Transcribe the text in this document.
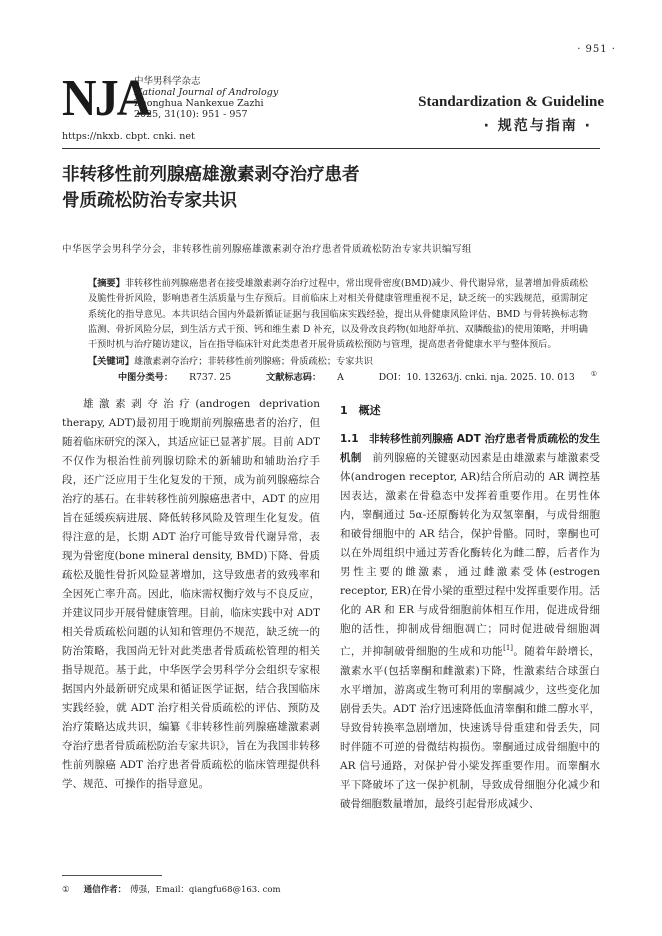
· 951 ·
NJA
中华男科学杂志
National Journal of Andrology
Zhonghua Nankexue Zazhi
2025, 31(10): 951 - 957
https://nkxb. cbpt. cnki. net
Standardization & Guideline
· 规范与指南 ·
非转移性前列腺癌雄激素剥夺治疗患者
骨质疏松防治专家共识
中华医学会男科学分会，非转移性前列腺癌雄激素剥夺治疗患者骨质疏松防治专家共识编写组
【摘要】非转移性前列腺癌患者在接受雄激素剥夺治疗过程中，常出现骨密度(BMD)减少、骨代谢异常，显著增加骨质疏松及脆性骨折风险，影响患者生活质量与生存预后。目前临床上对相关骨健康管理重视不足，缺乏统一的实践规范，亟需制定系统化的指导意见。本共识结合国内外最新循证证据与我国临床实践经验，提出从骨健康风险评估、BMD 与骨转换标志物监测、骨折风险分层，到生活方式干预、钙和维生素 D 补充，以及骨改良药物(如地舒单抗、双膦酸盐)的使用策略，并明确干预时机与治疗随访建议，旨在指导临床针对此类患者开展骨质疏松预防与管理，提高患者骨健康水平与整体预后。
【关键词】雄激素剥夺治疗；非转移性前列腺癌；骨质疏松；专家共识
中图分类号： R737. 25	文献标志码： A	DOI：10. 13263/j. cnki. nja. 2025. 10. 013 ①
雄激素剥夺治疗(androgen deprivation therapy, ADT)最初用于晚期前列腺癌患者的治疗，但随着临床研究的深入，其适应证已显著扩展。目前 ADT 不仅作为根治性前列腺切除术的新辅助和辅助治疗手段，还广泛应用于生化复发的干预，成为前列腺癌综合治疗的基石。在非转移性前列腺癌患者中，ADT 的应用旨在延缓疾病进展、降低转移风险及管理生化复发。值得注意的是，长期 ADT 治疗可能导致骨代谢异常，表现为骨密度(bone mineral density, BMD)下降、骨质疏松及脆性骨折风险显著增加，这导致患者的致残率和全因死亡率升高。因此，临床需权衡疗效与不良反应，并建议同步开展骨健康管理。目前，临床实践中对 ADT 相关骨质疏松问题的认知和管理仍不规范，缺乏统一的防治策略，我国尚无针对此类患者骨质疏松管理的相关指导规范。基于此，中华医学会男科学分会组织专家根据国内外最新研究成果和循证医学证据，结合我国临床实践经验，就 ADT 治疗相关骨质疏松的评估、预防及治疗策略达成共识，编纂《非转移性前列腺癌雄激素剥夺治疗患者骨质疏松防治专家共识》，旨在为我国非转移性前列腺癌 ADT 治疗患者骨质疏松的临床管理提供科学、规范、可操作的指导意见。
1　概述
1.1　非转移性前列腺癌 ADT 治疗患者骨质疏松的发生机制　前列腺癌的关键驱动因素是由雄激素与雄激素受体(androgen receptor, AR)结合所启动的 AR 调控基因表达，激素在骨稳态中发挥着重要作用。在男性体内，睾酮通过 5α-还原酶转化为双氢睾酮，与成骨细胞和破骨细胞中的 AR 结合，保护骨骼。同时，睾酮也可以在外周组织中通过芳香化酶转化为雌二醇，后者作为男性主要的雌激素，通过雌激素受体(estrogen receptor, ER)在骨小梁的重塑过程中发挥重要作用。活化的 AR 和 ER 与成骨细胞前体相互作用，促进成骨细胞的活性，抑制成骨细胞凋亡；同时促进破骨细胞凋亡，并抑制破骨细胞的生成和功能[1]。随着年龄增长，激素水平(包括睾酮和雌激素)下降，性激素结合球蛋白水平增加，游离或生物可利用的睾酮减少，这些变化加剧骨丢失。ADT 治疗迅速降低血清睾酮和雌二醇水平，导致骨转换率急剧增加，快速诱导骨重建和骨丢失，同时伴随不可逆的骨微结构损伤。睾酮通过成骨细胞中的 AR 信号通路，对保护骨小梁发挥重要作用。而睾酮水平下降破坏了这一保护机制，导致成骨细胞分化减少和破骨细胞数量增加，最终引起骨形成减少、
① 通信作者： 傅强，Email：qiangfu68@163. com
